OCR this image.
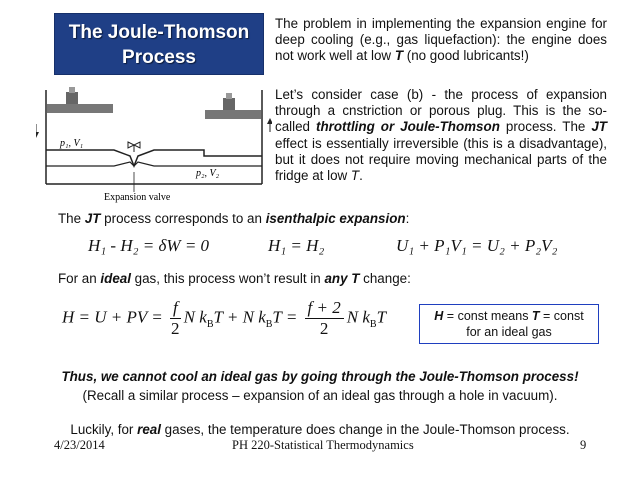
The Joule-Thomson
Process
The problem in implementing the expansion engine for deep cooling (e.g., gas liquefaction): the engine does not work well at low T (no good lubricants!)
Let’s consider case (b) - the process of expansion through a cnstriction or porous plug. This is the so-called throttling or Joule-Thomson process. The JT effect is essentially irreversible (this is a disadvantage), but it does not require moving mechanical parts of the fridge at low T.
p₁, V₁
p₂, V₂
Expansion valve
The JT process corresponds to an isenthalpic expansion:
H₁ - H₂ = δW = 0	H₁ = H₂	U₁ + P₁V₁ = U₂ + P₂V₂
For an ideal gas, this process won’t result in any T change:
H = U + PV = $\frac{f}{2}$ N $k_BT + N$ $k_BT = \frac{f + 2}{2}$ N $k_BT$	H = const means T = const
for an ideal gas
Thus, we cannot cool an ideal gas by going through the Joule-Thomson process!
(Recall a similar process – expansion of an ideal gas through a hole in vacuum).
Luckily, for real gases, the temperature does change in the Joule-Thomson process.
4/23/2014	PH 220-Statistical Thermodynamics	9
